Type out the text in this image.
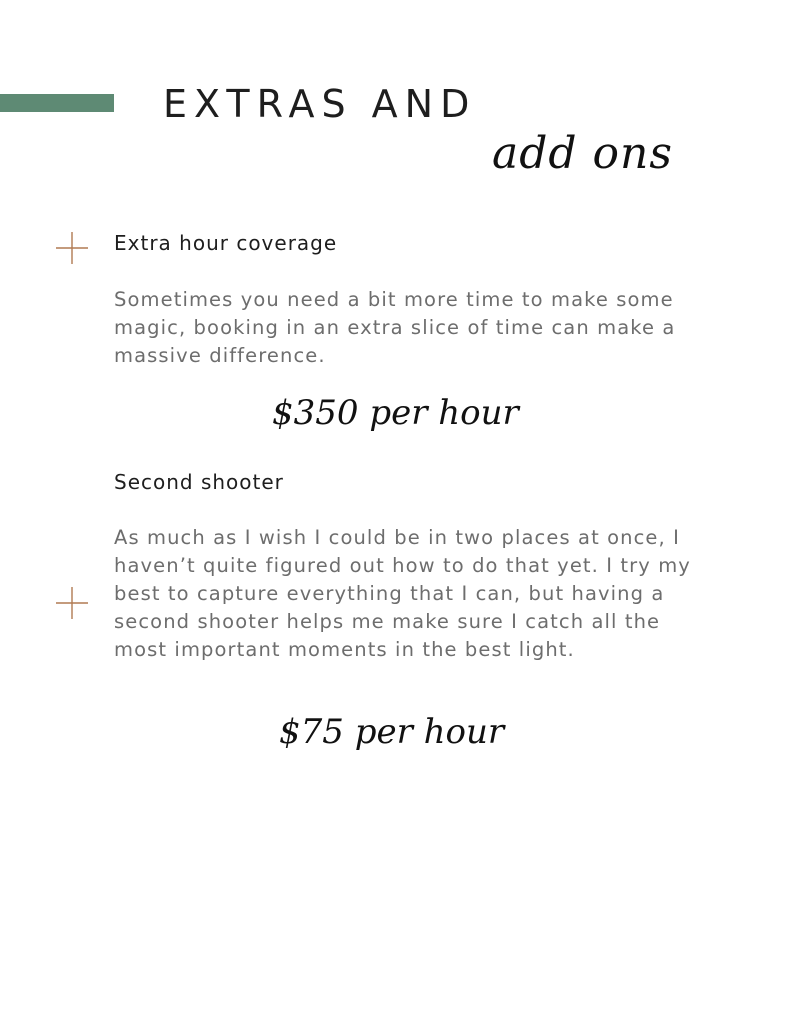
EXTRAS AND
add ons
Extra hour coverage
Sometimes you need a bit more time to make some magic, booking in an extra slice of time can make a massive difference.
$350 per hour
Second shooter
As much as I wish I could be in two places at once, I haven’t quite figured out how to do that yet. I try my best to capture everything that I can, but having a second shooter helps me make sure I catch all the most important moments in the best light.
$75 per hour
